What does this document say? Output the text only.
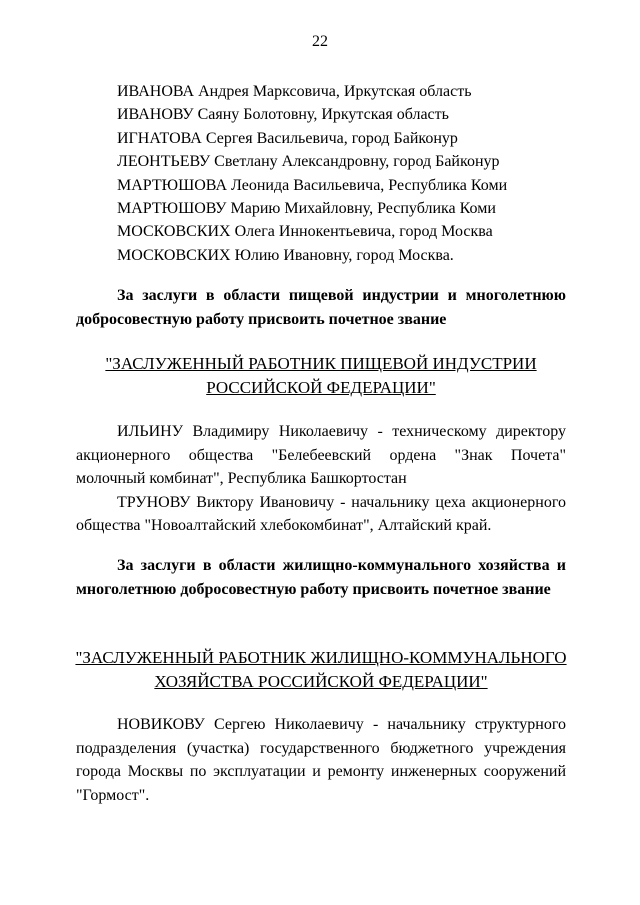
22
ИВАНОВА Андрея Марксовича, Иркутская область
ИВАНОВУ Саяну Болотовну, Иркутская область
ИГНАТОВА Сергея Васильевича, город Байконур
ЛЕОНТЬЕВУ Светлану Александровну, город Байконур
МАРТЮШОВА Леонида Васильевича, Республика Коми
МАРТЮШОВУ Марию Михайловну, Республика Коми
МОСКОВСКИХ Олега Иннокентьевича, город Москва
МОСКОВСКИХ Юлию Ивановну, город Москва.

За заслуги в области пищевой индустрии и многолетнюю добросовестную работу присвоить почетное звание

"ЗАСЛУЖЕННЫЙ РАБОТНИК ПИЩЕВОЙ ИНДУСТРИИ
РОССИЙСКОЙ ФЕДЕРАЦИИ"

ИЛЬИНУ Владимиру Николаевичу - техническому директору акционерного общества "Белебеевский ордена "Знак Почета" молочный комбинат", Республика Башкортостан

ТРУНОВУ Виктору Ивановичу - начальнику цеха акционерного общества "Новоалтайский хлебокомбинат", Алтайский край.

За заслуги в области жилищно-коммунального хозяйства и многолетнюю добросовестную работу присвоить почетное звание

"ЗАСЛУЖЕННЫЙ РАБОТНИК ЖИЛИЩНО-КОММУНАЛЬНОГО
ХОЗЯЙСТВА РОССИЙСКОЙ ФЕДЕРАЦИИ"

НОВИКОВУ Сергею Николаевичу - начальнику структурного подразделения (участка) государственного бюджетного учреждения города Москвы по эксплуатации и ремонту инженерных сооружений "Гормост".
